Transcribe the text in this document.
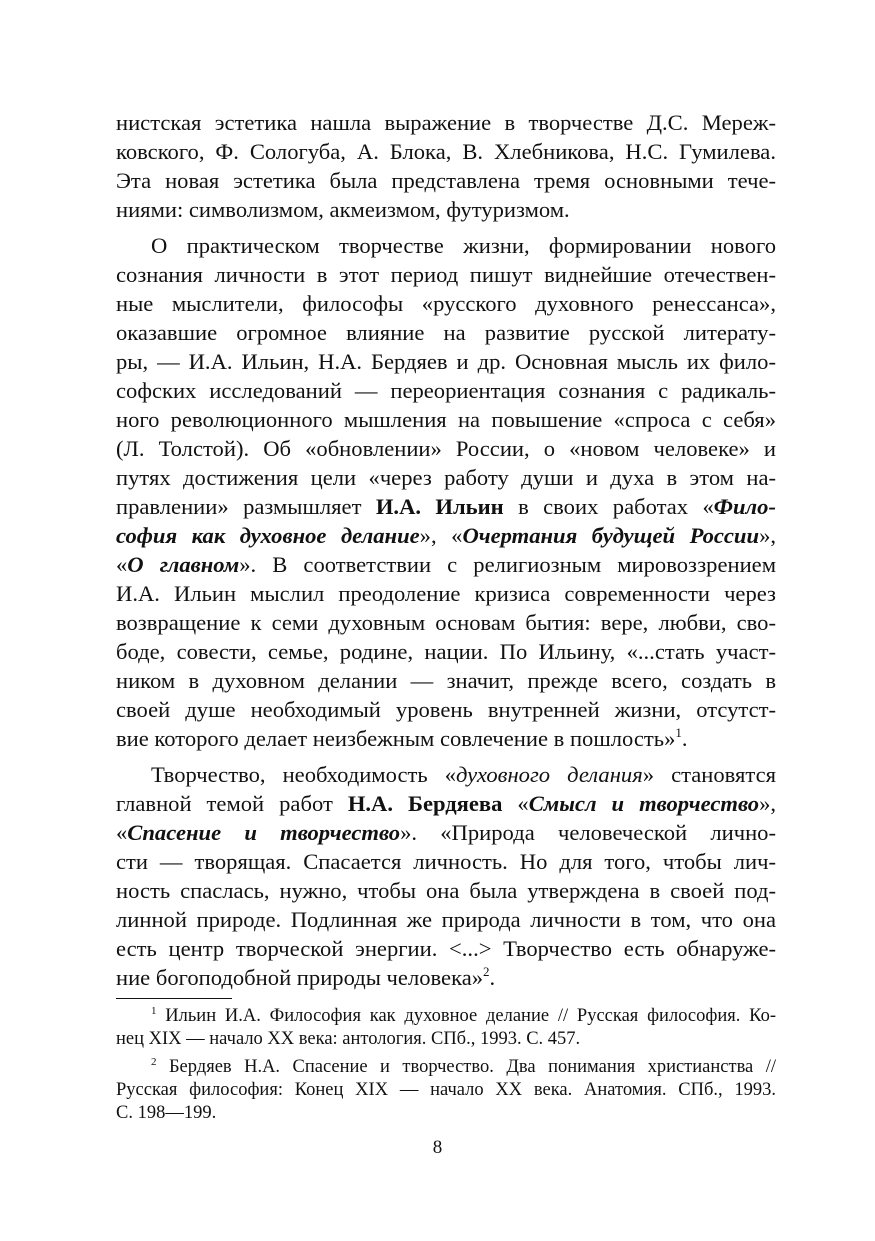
нистская эстетика нашла выражение в творчестве Д.С. Мереж-
ковского, Ф. Сологуба, А. Блока, В. Хлебникова, Н.С. Гумилева.
Эта новая эстетика была представлена тремя основными тече-
ниями: символизмом, акмеизмом, футуризмом.
О практическом творчестве жизни, формировании нового
сознания личности в этот период пишут виднейшие отечествен-
ные мыслители, философы «русского духовного ренессанса»,
оказавшие огромное влияние на развитие русской литерату-
ры, — И.А. Ильин, Н.А. Бердяев и др. Основная мысль их фило-
софских исследований — переориентация сознания с радикаль-
ного революционного мышления на повышение «спроса с себя»
(Л. Толстой). Об «обновлении» России, о «новом человеке» и
путях достижения цели «через работу души и духа в этом на-
правлении» размышляет И.А. Ильин в своих работах «Фило-
софия как духовное делание», «Очертания будущей России»,
«О главном». В соответствии с религиозным мировоззрением
И.А. Ильин мыслил преодоление кризиса современности через
возвращение к семи духовным основам бытия: вере, любви, сво-
боде, совести, семье, родине, нации. По Ильину, «...стать участ-
ником в духовном делании — значит, прежде всего, создать в
своей душе необходимый уровень внутренней жизни, отсутст-
вие которого делает неизбежным совлечение в пошлость»$^1$.
Творчество, необходимость «духовного делания» становятся
главной темой работ Н.А. Бердяева «Смысл и творчество»,
«Спасение и творчество». «Природа человеческой лично-
сти — творящая. Спасается личность. Но для того, чтобы лич-
ность спаслась, нужно, чтобы она была утверждена в своей под-
линной природе. Подлинная же природа личности в том, что она
есть центр творческой энергии. <...> Творчество есть обнаруже-
ние богоподобной природы человека»$^2$.
$^1$ Ильин И.А. Философия как духовное делание // Русская философия. Ко-
нец XIX — начало XX века: антология. СПб., 1993. С. 457.
$^2$ Бердяев Н.А. Спасение и творчество. Два понимания христианства //
Русская философия: Конец XIX — начало XX века. Анатомия. СПб., 1993.
С. 198—199.
8
